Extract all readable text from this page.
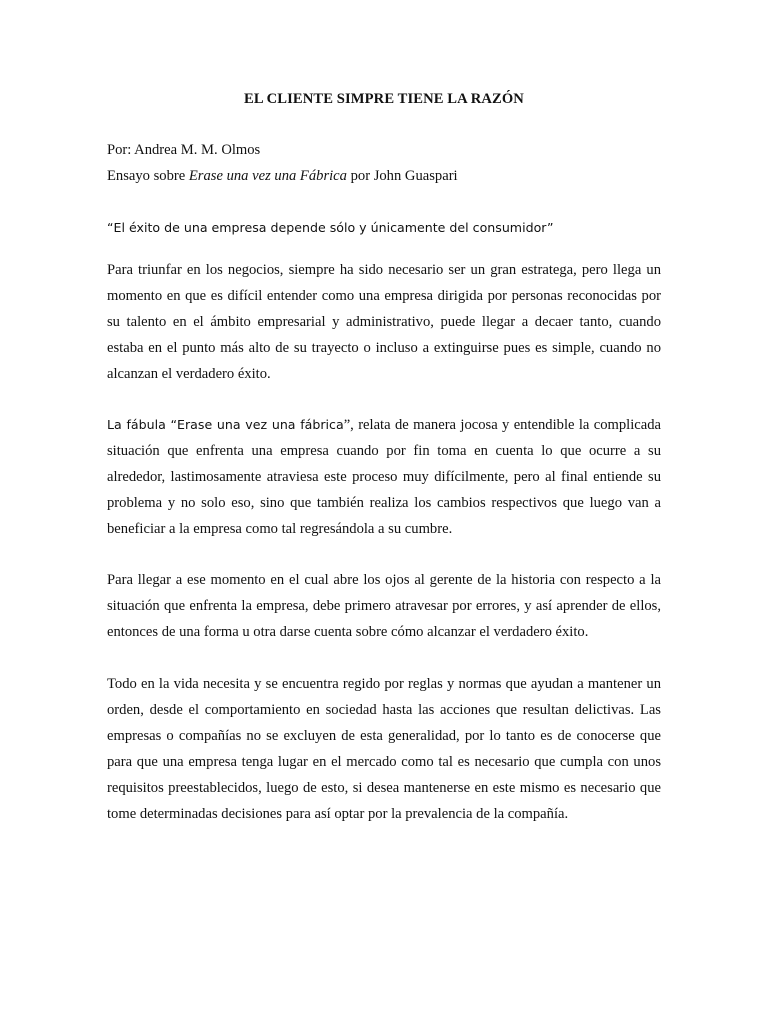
EL CLIENTE SIMPRE TIENE LA RAZÓN
Por: Andrea M. M. Olmos
Ensayo sobre Erase una vez una Fábrica por John Guaspari
“El éxito de una empresa depende sólo y únicamente del consumidor”

Para triunfar en los negocios, siempre ha sido necesario ser un gran estratega, pero llega un momento en que es difícil entender como una empresa dirigida por personas reconocidas por su talento en el ámbito empresarial y administrativo, puede llegar a decaer tanto, cuando estaba en el punto más alto de su trayecto o incluso a extinguirse pues es simple, cuando no alcanzan el verdadero éxito.

La fábula “Erase una vez una fábrica”, relata de manera jocosa y entendible la complicada situación que enfrenta una empresa cuando por fin toma en cuenta lo que ocurre a su alrededor, lastimosamente atraviesa este proceso muy difícilmente, pero al final entiende su problema y no solo eso, sino que también realiza los cambios respectivos que luego van a beneficiar a la empresa como tal regresándola a su cumbre.

Para llegar a ese momento en el cual abre los ojos al gerente de la historia con respecto a la situación que enfrenta la empresa, debe primero atravesar por errores, y así aprender de ellos, entonces de una forma u otra darse cuenta sobre cómo alcanzar el verdadero éxito.

Todo en la vida necesita y se encuentra regido por reglas y normas que ayudan a mantener un orden, desde el comportamiento en sociedad hasta las acciones que resultan delictivas. Las empresas o compañías no se excluyen de esta generalidad, por lo tanto es de conocerse que para que una empresa tenga lugar en el mercado como tal es necesario que cumpla con unos requisitos preestablecidos, luego de esto, si desea mantenerse en este mismo es necesario que tome determinadas decisiones para así optar por la prevalencia de la compañía.
